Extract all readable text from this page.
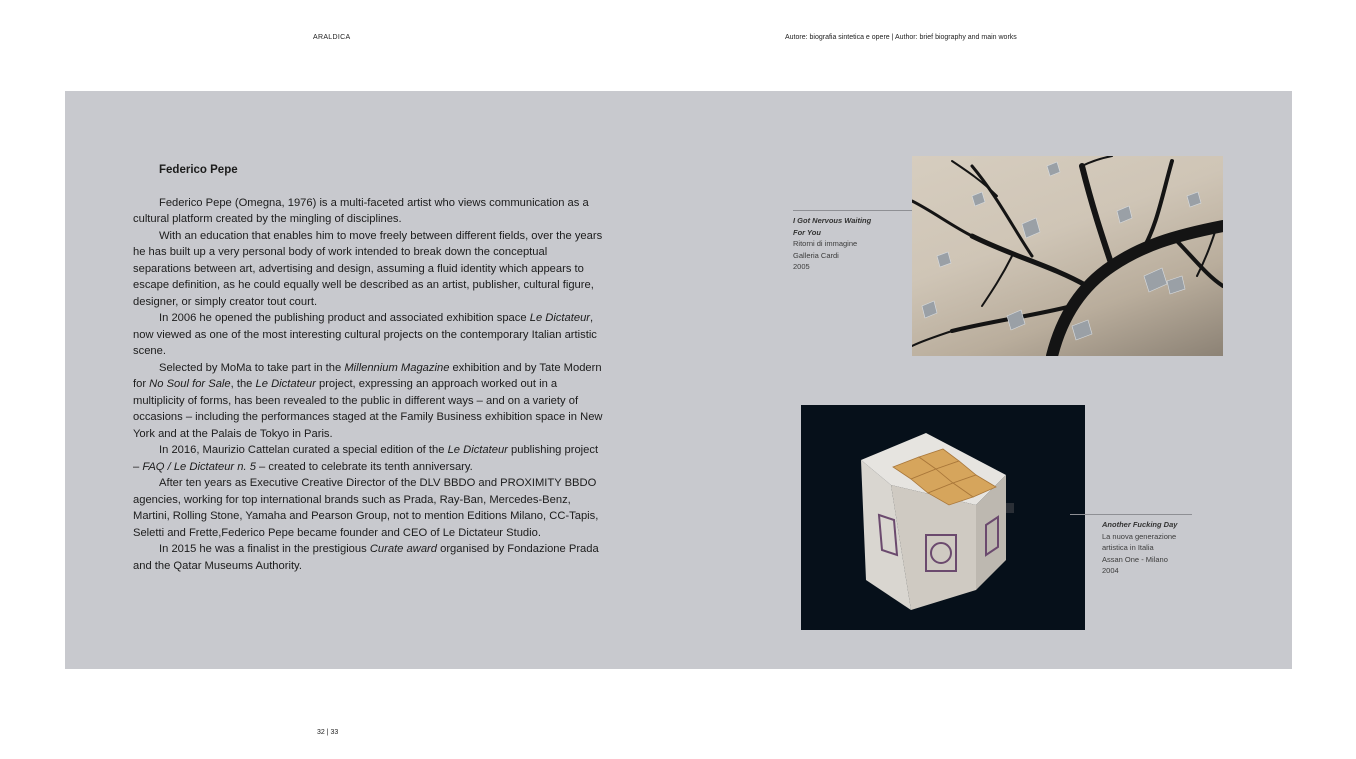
ARALDICA	Autore: biografia sintetica e opere | Author: brief biography and main works
Federico Pepe

Federico Pepe (Omegna, 1976) is a multi-faceted artist who views communication as a cultural platform created by the mingling of disciplines.

With an education that enables him to move freely between different fields, over the years he has built up a very personal body of work intended to break down the conceptual separations between art, advertising and design, assuming a fluid identity which appears to escape definition, as he could equally well be described as an artist, publisher, cultural figure, designer, or simply creator tout court.

In 2006 he opened the publishing product and associated exhibition space Le Dictateur, now viewed as one of the most interesting cultural projects on the contemporary Italian artistic scene.

Selected by MoMa to take part in the Millennium Magazine exhibition and by Tate Modern for No Soul for Sale, the Le Dictateur project, expressing an approach worked out in a multiplicity of forms, has been revealed to the public in different ways – and on a variety of occasions – including the performances staged at the Family Business exhibition space in New York and at the Palais de Tokyo in Paris.

In 2016, Maurizio Cattelan curated a special edition of the Le Dictateur publishing project – FAQ / Le Dictateur n. 5 – created to celebrate its tenth anniversary.

After ten years as Executive Creative Director of the DLV BBDO and PROXIMITY BBDO agencies, working for top international brands such as Prada, Ray-Ban, Mercedes-Benz, Martini, Rolling Stone, Yamaha and Pearson Group, not to mention Editions Milano, CC-Tapis, Seletti and Frette,Federico Pepe became founder and CEO of Le Dictateur Studio.

In 2015 he was a finalist in the prestigious Curate award organised by Fondazione Prada and the Qatar Museums Authority.

I Got Nervous Waiting
For You
Ritorni di immagine
Galleria Cardi
2005
Another Fucking Day
La nuova generazione
artistica in Italia
Assan One - Milano
2004
32 | 33
